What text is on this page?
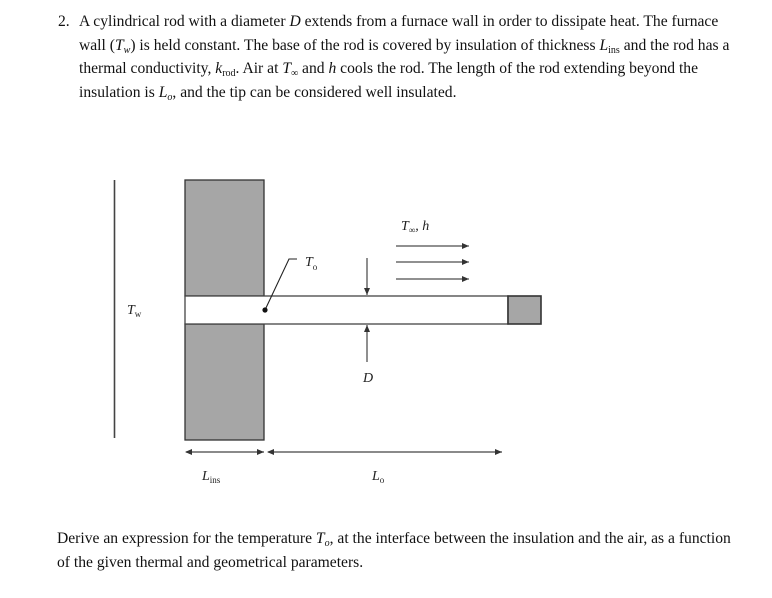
2. A cylindrical rod with a diameter D extends from a furnace wall in order to dissipate heat. The furnace wall $(T_w)$ is held constant. The base of the rod is covered by insulation of thickness $L_{ins}$ and the rod has a thermal conductivity, $k_{rod}$. Air at $T_\infty$ and h cools the rod. The length of the rod extending beyond the insulation is $L_o$, and the tip can be considered well insulated.
$T_w$
$T_o$
$T_\infty$, h
D
$L_{ins}$	$L_o$
Derive an expression for the temperature $T_o$, at the interface between the insulation and the air, as a function of the given thermal and geometrical parameters.
